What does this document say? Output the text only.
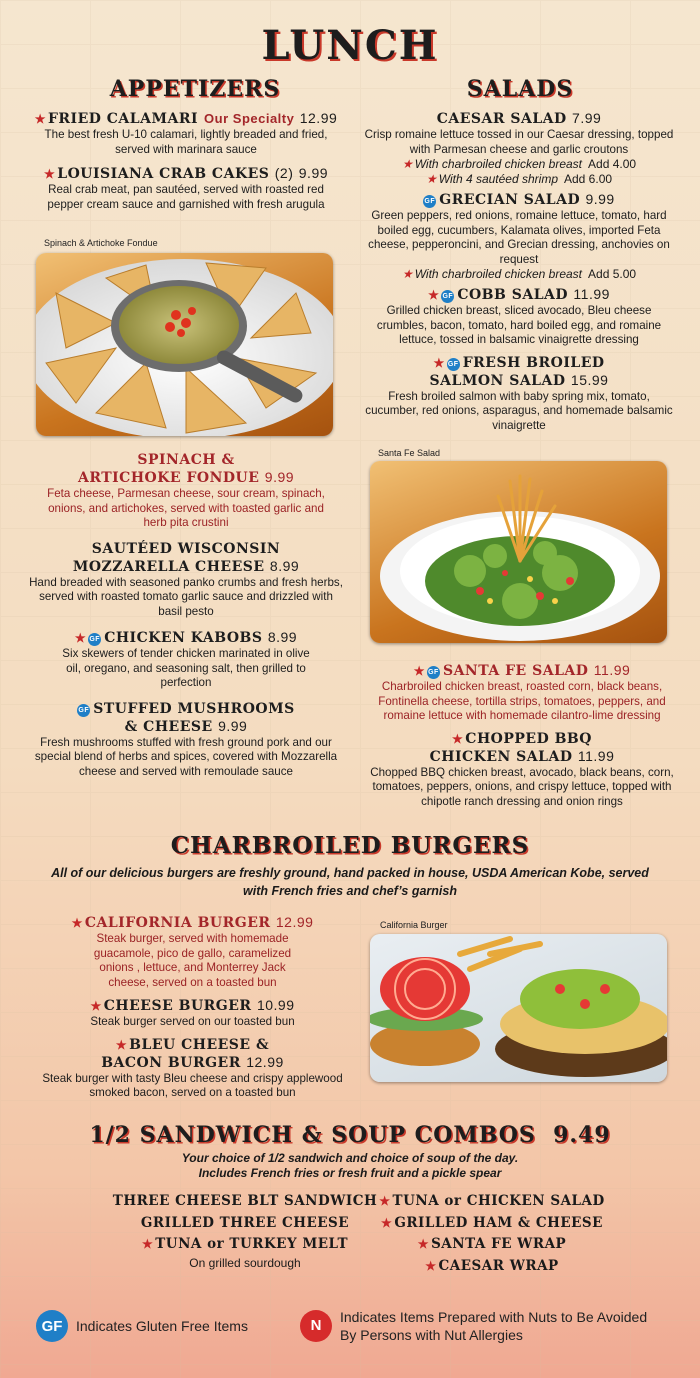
LUNCH
APPETIZERS
★ FRIED CALAMARI Our Specialty 12.99
The best fresh U-10 calamari, lightly breaded and fried, served with marinara sauce
★ LOUISIANA CRAB CAKES (2) 9.99
Real crab meat, pan sautéed, served with roasted red pepper cream sauce and garnished with fresh arugula
Spinach & Artichoke Fondue
SPINACH &
ARTICHOKE FONDUE 9.99
Feta cheese, Parmesan cheese, sour cream, spinach, onions, and artichokes, served with toasted garlic and herb pita crustini
SAUTÉED WISCONSIN
MOZZARELLA CHEESE 8.99
Hand breaded with seasoned panko crumbs and fresh herbs, served with roasted tomato garlic sauce and drizzled with basil pesto
★ GF CHICKEN KABOBS 8.99
Six skewers of tender chicken marinated in olive oil, oregano, and seasoning salt, then grilled to perfection
GF STUFFED MUSHROOMS
& CHEESE 9.99
Fresh mushrooms stuffed with fresh ground pork and our special blend of herbs and spices, covered with Mozzarella cheese and served with remoulade sauce
SALADS
CAESAR SALAD 7.99
Crisp romaine lettuce tossed in our Caesar dressing, topped with Parmesan cheese and garlic croutons
★ With charbroiled chicken breast Add 4.00
★ With 4 sautéed shrimp Add 6.00
GF GRECIAN SALAD 9.99
Green peppers, red onions, romaine lettuce, tomato, hard boiled egg, cucumbers, Kalamata olives, imported Feta cheese, pepperoncini, and Grecian dressing, anchovies on request
★ With charbroiled chicken breast Add 5.00
★ GF COBB SALAD 11.99
Grilled chicken breast, sliced avocado, Bleu cheese crumbles, bacon, tomato, hard boiled egg, and romaine lettuce, tossed in balsamic vinaigrette dressing
★ GF FRESH BROILED
SALMON SALAD 15.99
Fresh broiled salmon with baby spring mix, tomato, cucumber, red onions, asparagus, and homemade balsamic vinaigrette
Santa Fe Salad
★ GF SANTA FE SALAD 11.99
Charbroiled chicken breast, roasted corn, black beans, Fontinella cheese, tortilla strips, tomatoes, peppers, and romaine lettuce with homemade cilantro-lime dressing
★ CHOPPED BBQ
CHICKEN SALAD 11.99
Chopped BBQ chicken breast, avocado, black beans, corn, tomatoes, peppers, onions, and crispy lettuce, topped with chipotle ranch dressing and onion rings
CHARBROILED BURGERS
All of our delicious burgers are freshly ground, hand packed in house, USDA American Kobe, served with French fries and chef’s garnish
★ CALIFORNIA BURGER 12.99
Steak burger, served with homemade guacamole, pico de gallo, caramelized onions , lettuce, and Monterrey Jack cheese, served on a toasted bun
★ CHEESE BURGER 10.99
Steak burger served on our toasted bun
★ BLEU CHEESE &
BACON BURGER 12.99
Steak burger with tasty Bleu cheese and crispy applewood smoked bacon, served on a toasted bun
California Burger
1/2 SANDWICH & SOUP COMBOS 9.49
Your choice of 1/2 sandwich and choice of soup of the day.
Includes French fries or fresh fruit and a pickle spear
THREE CHEESE BLT SANDWICH
GRILLED THREE CHEESE
★ TUNA or TURKEY MELT
On grilled sourdough
★ TUNA or CHICKEN SALAD
★ GRILLED HAM & CHEESE
★ SANTA FE WRAP
★ CAESAR WRAP
GF Indicates Gluten Free Items	N	Indicates Items Prepared with Nuts to Be Avoided
By Persons with Nut Allergies
